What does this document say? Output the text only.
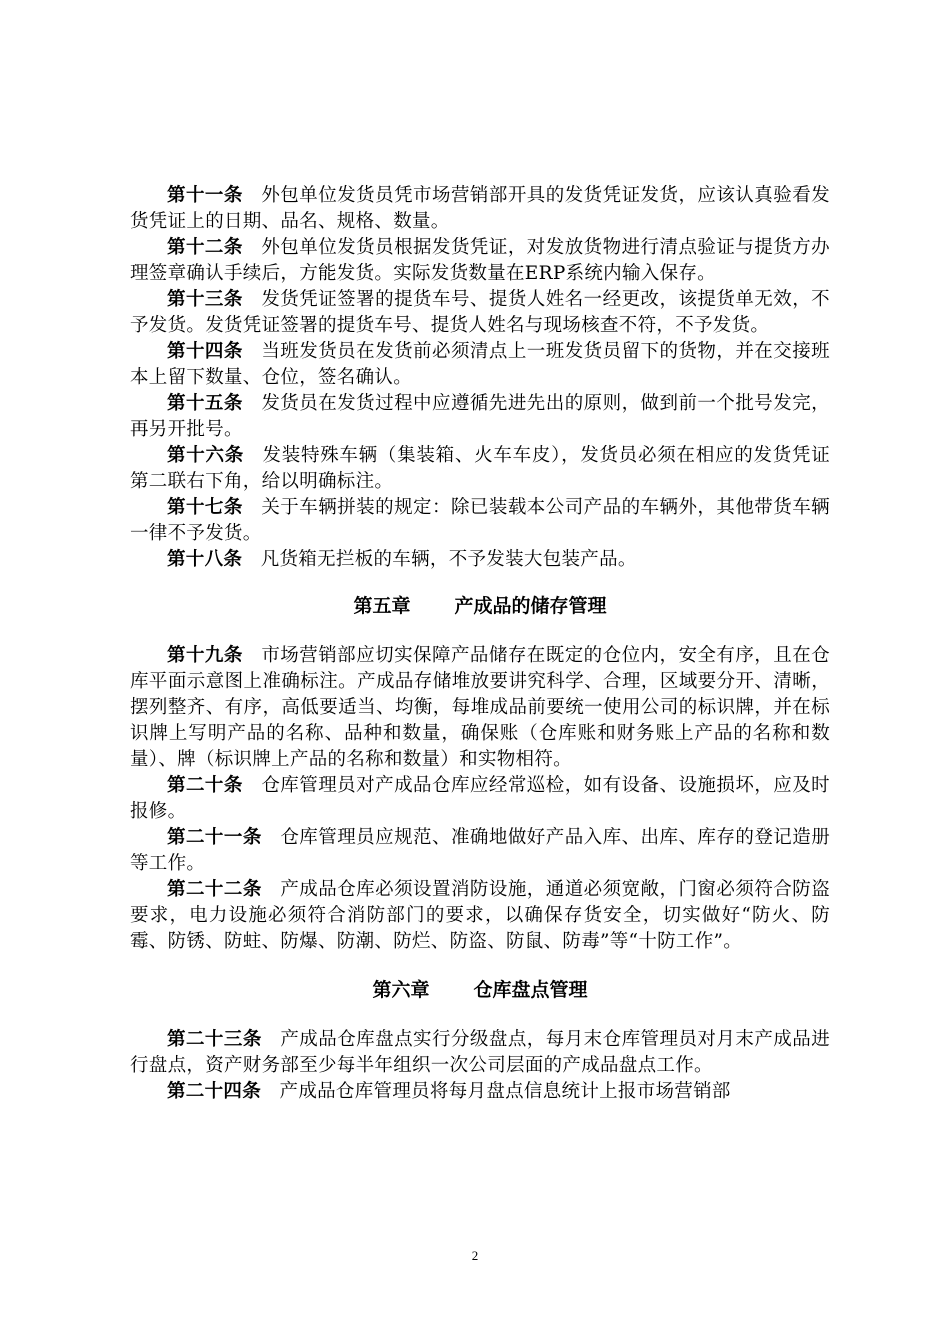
第十一条 外包单位发货员凭市场营销部开具的发货凭证发货，应该认真验看发货凭证上的日期、品名、规格、数量。

第十二条 外包单位发货员根据发货凭证，对发放货物进行清点验证与提货方办理签章确认手续后，方能发货。实际发货数量在ERP系统内输入保存。

第十三条 发货凭证签署的提货车号、提货人姓名一经更改，该提货单无效，不予发货。发货凭证签署的提货车号、提货人姓名与现场核查不符，不予发货。

第十四条 当班发货员在发货前必须清点上一班发货员留下的货物，并在交接班本上留下数量、仓位，签名确认。

第十五条 发货员在发货过程中应遵循先进先出的原则，做到前一个批号发完，再另开批号。

第十六条 发装特殊车辆（集装箱、火车车皮），发货员必须在相应的发货凭证第二联右下角，给以明确标注。

第十七条 关于车辆拼装的规定：除已装载本公司产品的车辆外，其他带货车辆一律不予发货。

第十八条 凡货箱无拦板的车辆，不予发装大包装产品。

第五章 产成品的储存管理

第十九条 市场营销部应切实保障产品储存在既定的仓位内，安全有序，且在仓库平面示意图上准确标注。产成品存储堆放要讲究科学、合理，区域要分开、清晰，摆列整齐、有序，高低要适当、均衡，每堆成品前要统一使用公司的标识牌，并在标识牌上写明产品的名称、品种和数量，确保账（仓库账和财务账上产品的名称和数量）、牌（标识牌上产品的名称和数量）和实物相符。

第二十条 仓库管理员对产成品仓库应经常巡检，如有设备、设施损坏，应及时报修。

第二十一条 仓库管理员应规范、准确地做好产品入库、出库、库存的登记造册等工作。

第二十二条 产成品仓库必须设置消防设施，通道必须宽敞，门窗必须符合防盗要求，电力设施必须符合消防部门的要求，以确保存货安全，切实做好“防火、防霉、防锈、防蛀、防爆、防潮、防烂、防盗、防鼠、防毒”等“十防工作”。

第六章 仓库盘点管理

第二十三条 产成品仓库盘点实行分级盘点，每月末仓库管理员对月末产成品进行盘点，资产财务部至少每半年组织一次公司层面的产成品盘点工作。

第二十四条 产成品仓库管理员将每月盘点信息统计上报市场营销部

2
